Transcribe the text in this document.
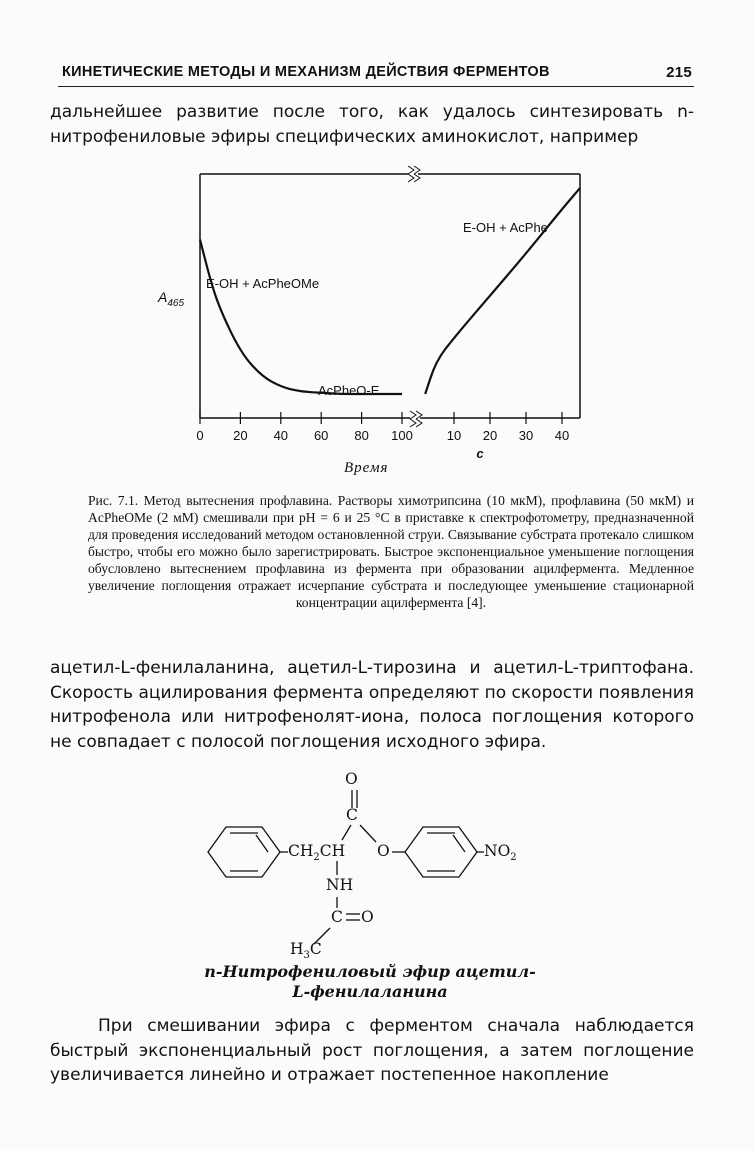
КИНЕТИЧЕСКИЕ МЕТОДЫ И МЕХАНИЗМ ДЕЙСТВИЯ ФЕРМЕНТОВ	215
дальнейшее развитие после того, как удалось синтезировать n-нитрофениловые эфиры специфических аминокислот, например
0 20 40 60 80 100	10 20 30 40
$A_{465}$
E-OH + AcPheOMe
AcPheO-E
E-OH + AcPhe
c
Время
Рис. 7.1. Метод вытеснения профлавина. Растворы химотрипсина (10 мкМ), профлавина (50 мкМ) и AcPheOMe (2 мМ) смешивали при pH = 6 и 25 °С в приставке к спектрофотометру, предназначенной для проведения исследований методом остановленной струи. Связывание субстрата протекало слишком быстро, чтобы его можно было зарегистрировать. Быстрое экспоненциальное уменьшение поглощения обусловлено вытеснением профлавина из фермента при образовании ацилфермента. Медленное увеличение поглощения отражает исчерпание субстрата и последующее уменьшение стационарной концентрации ацилфермента [4].
ацетил-L-фенилаланина, ацетил-L-тирозина и ацетил-L-триптофана. Скорость ацилирования фермента определяют по скорости появления нитрофенола или нитрофенолят-иона, полоса поглощения которого не совпадает с полосой поглощения исходного эфира.
O
C
$CH_2CH$ O	$NO_2$
NH
C O
$H_3C$
n-Нитрофениловый эфир ацетил-L-фенилаланина
При смешивании эфира с ферментом сначала наблюдается быстрый экспоненциальный рост поглощения, а затем поглощение увеличивается линейно и отражает постепенное накопление
